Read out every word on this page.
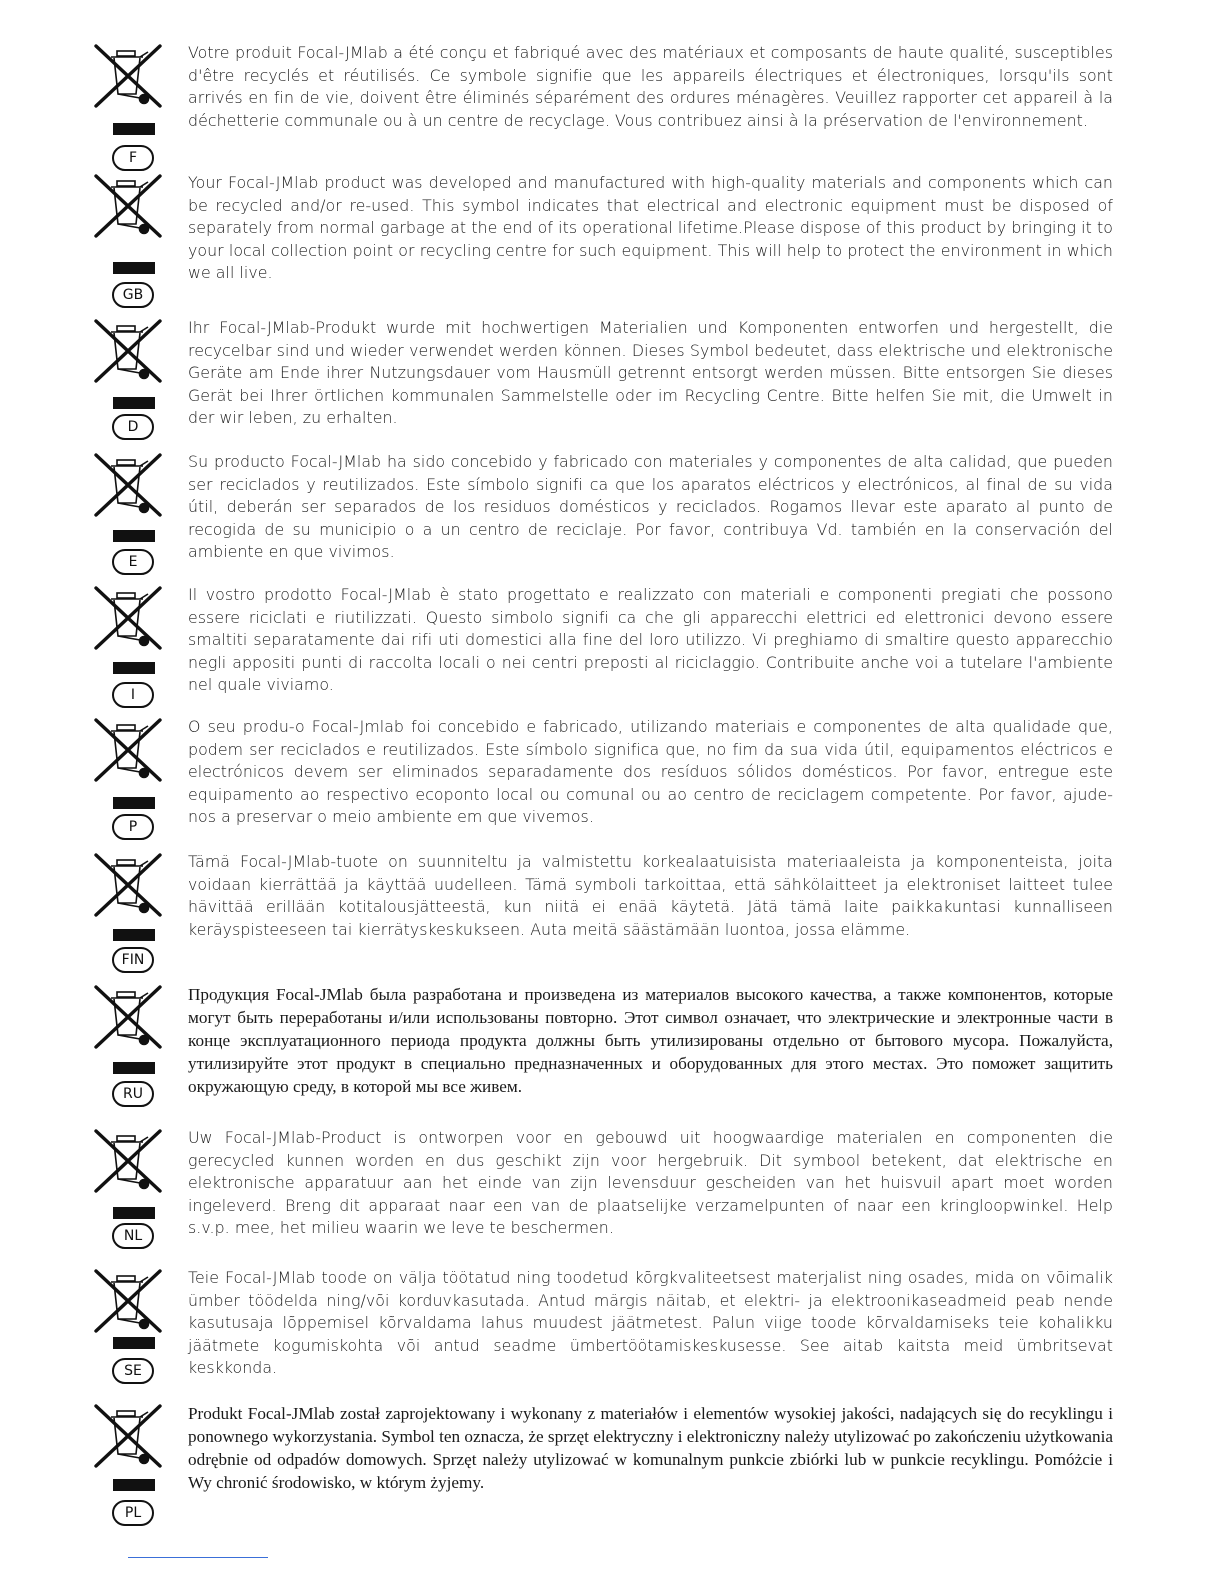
F

Votre produit Focal-JMlab a été conçu et fabriqué avec des matériaux et composants de haute qualité, susceptibles d'être recyclés et réutilisés. Ce symbole signifie que les appareils électriques et électroniques, lorsqu'ils sont arrivés en fin de vie, doivent être éliminés séparément des ordures ménagères. Veuillez rapporter cet appareil à la déchetterie communale ou à un centre de recyclage. Vous contribuez ainsi à la préservation de l'environnement.

GB

Your Focal-JMlab product was developed and manufactured with high-quality materials and components which can be recycled and/or re-used. This symbol indicates that electrical and electronic equipment must be disposed of separately from normal garbage at the end of its operational lifetime.Please dispose of this product by bringing it to your local collection point or recycling centre for such equipment. This will help to protect the environment in which we all live.

D

Ihr Focal-JMlab-Produkt wurde mit hochwertigen Materialien und Komponenten entworfen und hergestellt, die recycelbar sind und wieder verwendet werden können. Dieses Symbol bedeutet, dass elektrische und elektronische Geräte am Ende ihrer Nutzungsdauer vom Hausmüll getrennt entsorgt werden müssen. Bitte entsorgen Sie dieses Gerät bei Ihrer örtlichen kommunalen Sammelstelle oder im Recycling Centre. Bitte helfen Sie mit, die Umwelt in der wir leben, zu erhalten.

E

Su producto Focal-JMlab ha sido concebido y fabricado con materiales y componentes de alta calidad, que pueden ser reciclados y reutilizados. Este símbolo signifi ca que los aparatos eléctricos y electrónicos, al final de su vida útil, deberán ser separados de los residuos domésticos y reciclados. Rogamos llevar este aparato al punto de recogida de su municipio o a un centro de reciclaje. Por favor, contribuya Vd. también en la conservación del ambiente en que vivimos.

I

Il vostro prodotto Focal-JMlab è stato progettato e realizzato con materiali e componenti pregiati che possono essere riciclati e riutilizzati. Questo simbolo signifi ca che gli apparecchi elettrici ed elettronici devono essere smaltiti separatamente dai rifi uti domestici alla fine del loro utilizzo. Vi preghiamo di smaltire questo apparecchio negli appositi punti di raccolta locali o nei centri preposti al riciclaggio. Contribuite anche voi a tutelare l'ambiente nel quale viviamo.

P

O seu produ-o Focal-Jmlab foi concebido e fabricado, utilizando materiais e componentes de alta qualidade que, podem ser reciclados e reutilizados. Este símbolo significa que, no fim da sua vida útil, equipamentos eléctricos e electrónicos devem ser eliminados separadamente dos resíduos sólidos domésticos. Por favor, entregue este equipamento ao respectivo ecoponto local ou comunal ou ao centro de reciclagem competente. Por favor, ajude-nos a preservar o meio ambiente em que vivemos.

FIN

Tämä Focal-JMlab-tuote on suunniteltu ja valmistettu korkealaatuisista materiaaleista ja komponenteista, joita voidaan kierrättää ja käyttää uudelleen. Tämä symboli tarkoittaa, että sähkölaitteet ja elektroniset laitteet tulee hävittää erillään kotitalousjätteestä, kun niitä ei enää käytetä. Jätä tämä laite paikkakuntasi kunnalliseen keräyspisteeseen tai kierrätyskeskukseen. Auta meitä säästämään luontoa, jossa elämme.

RU

Продукция Focal-JMlab была разработана и произведена из материалов высокого качества, а также компонентов, которые могут быть переработаны и/или использованы повторно. Этот символ означает, что электрические и электронные части в конце эксплуатационного периода продукта должны быть утилизированы отдельно от бытового мусора. Пожалуйста, утилизируйте этот продукт в специально предназначенных и оборудованных для этого местах. Это поможет защитить окружающую среду, в которой мы все живем.

NL

Uw Focal-JMlab-Product is ontworpen voor en gebouwd uit hoogwaardige materialen en componenten die gerecycled kunnen worden en dus geschikt zijn voor hergebruik. Dit symbool betekent, dat elektrische en elektronische apparatuur aan het einde van zijn levensduur gescheiden van het huisvuil apart moet worden ingeleverd. Breng dit apparaat naar een van de plaatselijke verzamelpunten of naar een kringloopwinkel. Help s.v.p. mee, het milieu waarin we leve te beschermen.

SE

Teie Focal-JMlab toode on välja töötatud ning toodetud kõrgkvaliteetsest materjalist ning osades, mida on võimalik ümber töödelda ning/või korduvkasutada. Antud märgis näitab, et elektri- ja elektroonikaseadmeid peab nende kasutusaja lõppemisel kõrvaldama lahus muudest jäätmetest. Palun viige toode kõrvaldamiseks teie kohalikku jäätmete kogumiskohta või antud seadme ümbertöötamiskeskusesse. See aitab kaitsta meid ümbritsevat keskkonda.

PL

Produkt Focal-JMlab został zaprojektowany i wykonany z materiałów i elementów wysokiej jakości, nadających się do recyklingu i ponownego wykorzystania. Symbol ten oznacza, że sprzęt elektryczny i elektroniczny należy utylizować po zakończeniu użytkowania odrębnie od odpadów domowych. Sprzęt należy utylizować w komunalnym punkcie zbiórki lub w punkcie recyklingu. Pomóżcie i Wy chronić środowisko, w którym żyjemy.
